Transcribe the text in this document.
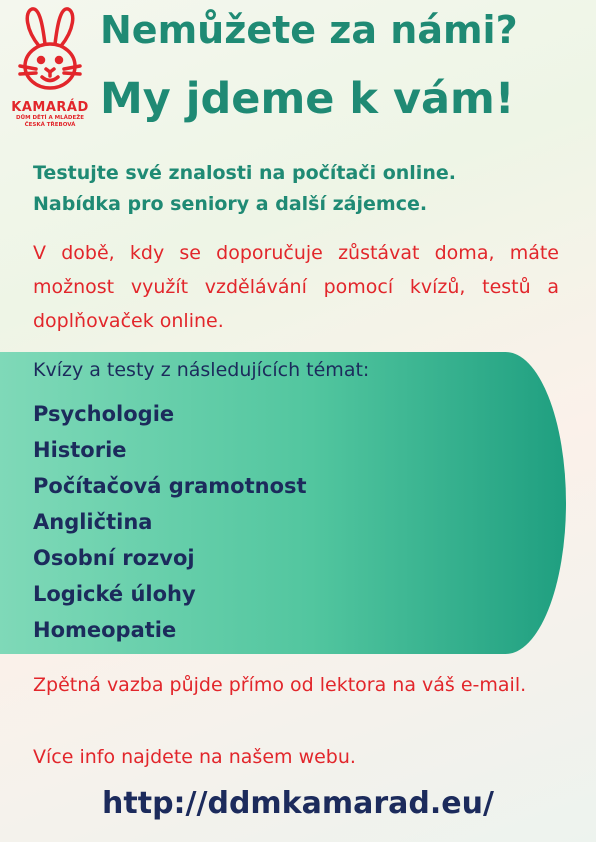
KAMARÁD
DŮM DĚTÍ A MLÁDEŽE
ČESKÁ TŘEBOVÁ
Nemůžete za námi?
My jdeme k vám!
Testujte své znalosti na počítači online.
Nabídka pro seniory a další zájemce.
V době, kdy se doporučuje zůstávat doma, máte možnost využít vzdělávání pomocí kvízů, testů a doplňovaček online.
Kvízy a testy z následujících témat:
Psychologie
Historie
Počítačová gramotnost
Angličtina
Osobní rozvoj
Logické úlohy
Homeopatie
Zpětná vazba půjde přímo od lektora na váš e-mail.
Více info najdete na našem webu.
http://ddmkamarad.eu/
